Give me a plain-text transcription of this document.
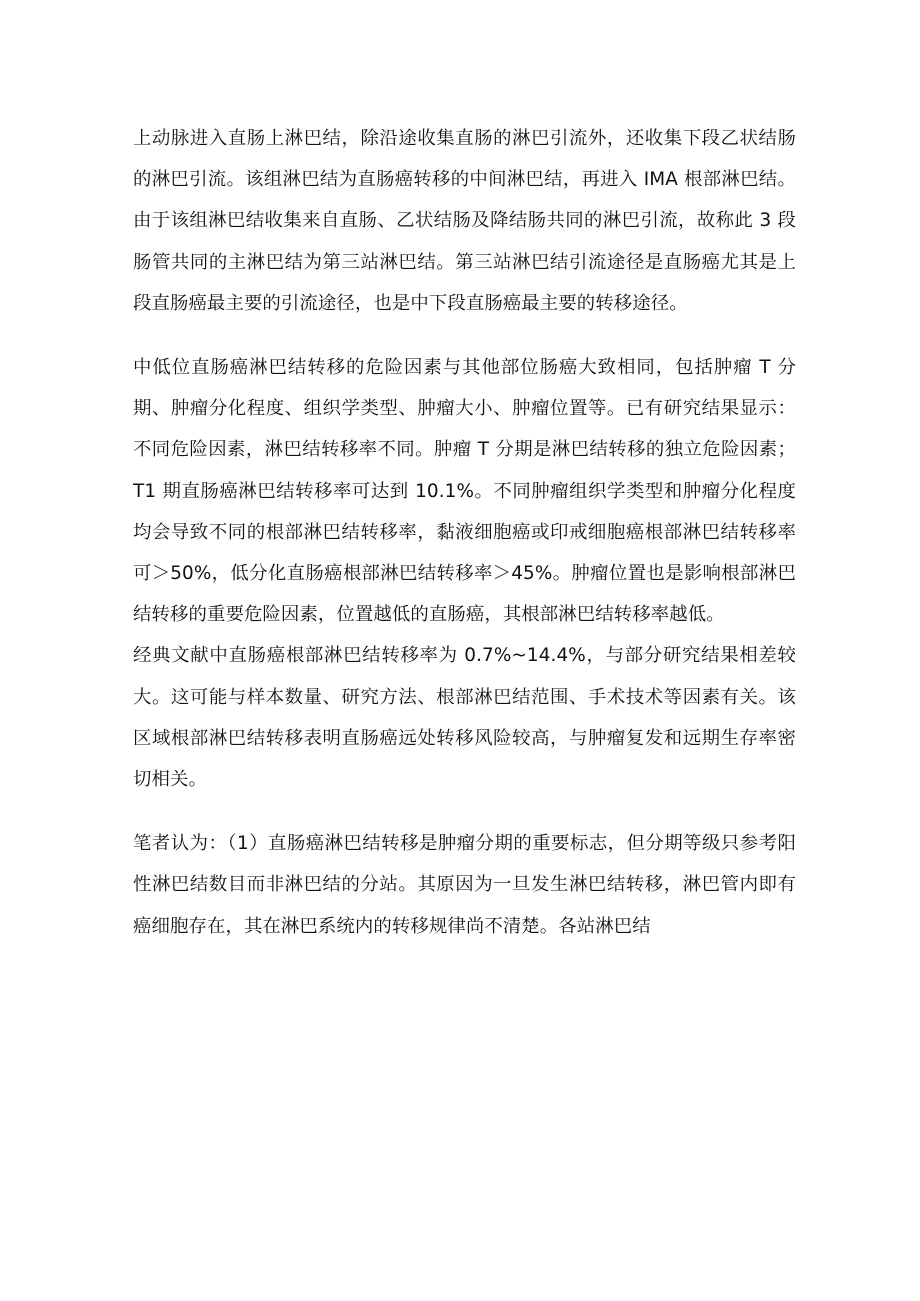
上动脉进入直肠上淋巴结，除沿途收集直肠的淋巴引流外，还收集下段乙状结肠的淋巴引流。该组淋巴结为直肠癌转移的中间淋巴结，再进入 IMA 根部淋巴结。由于该组淋巴结收集来自直肠、乙状结肠及降结肠共同的淋巴引流，故称此 3 段肠管共同的主淋巴结为第三站淋巴结。第三站淋巴结引流途径是直肠癌尤其是上段直肠癌最主要的引流途径，也是中下段直肠癌最主要的转移途径。

中低位直肠癌淋巴结转移的危险因素与其他部位肠癌大致相同，包括肿瘤 T 分期、肿瘤分化程度、组织学类型、肿瘤大小、肿瘤位置等。已有研究结果显示：不同危险因素，淋巴结转移率不同。肿瘤 T 分期是淋巴结转移的独立危险因素；T1 期直肠癌淋巴结转移率可达到 10.1%。不同肿瘤组织学类型和肿瘤分化程度均会导致不同的根部淋巴结转移率，黏液细胞癌或印戒细胞癌根部淋巴结转移率可＞50%，低分化直肠癌根部淋巴结转移率＞45%。肿瘤位置也是影响根部淋巴结转移的重要危险因素，位置越低的直肠癌，其根部淋巴结转移率越低。

经典文献中直肠癌根部淋巴结转移率为 0.7%~14.4%，与部分研究结果相差较大。这可能与样本数量、研究方法、根部淋巴结范围、手术技术等因素有关。该区域根部淋巴结转移表明直肠癌远处转移风险较高，与肿瘤复发和远期生存率密切相关。

笔者认为：（1）直肠癌淋巴结转移是肿瘤分期的重要标志，但分期等级只参考阳性淋巴结数目而非淋巴结的分站。其原因为一旦发生淋巴结转移，淋巴管内即有癌细胞存在，其在淋巴系统内的转移规律尚不清楚。各站淋巴结
